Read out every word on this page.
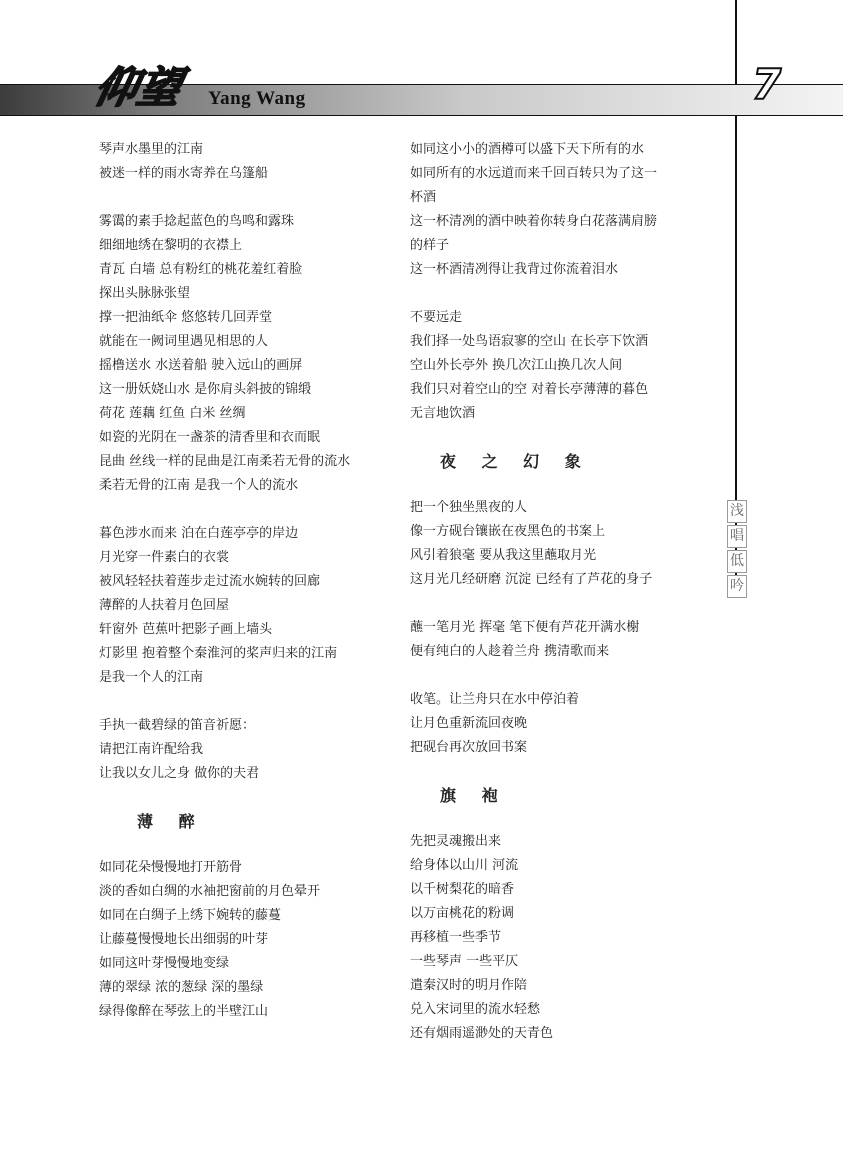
仰望 Yang Wang	7
浅
唱
低
吟
琴声水墨里的江南
被迷一样的雨水寄养在乌篷船
雾霭的素手捻起蓝色的鸟鸣和露珠
细细地绣在黎明的衣襟上
青瓦 白墙 总有粉红的桃花羞红着脸
探出头脉脉张望
撑一把油纸伞 悠悠转几回弄堂
就能在一阙词里遇见相思的人
摇橹送水 水送着船 驶入远山的画屏
这一册妖娆山水 是你肩头斜披的锦缎
荷花 莲藕 红鱼 白米 丝绸
如瓷的光阴在一盏茶的清香里和衣而眠
昆曲 丝线一样的昆曲是江南柔若无骨的流水
柔若无骨的江南 是我一个人的流水
暮色涉水而来 泊在白莲亭亭的岸边
月光穿一件素白的衣裳
被风轻轻扶着莲步走过流水婉转的回廊
薄醉的人扶着月色回屋
轩窗外 芭蕉叶把影子画上墙头
灯影里 抱着整个秦淮河的桨声归来的江南
是我一个人的江南
手执一截碧绿的笛音祈愿：
请把江南许配给我
让我以女儿之身 做你的夫君
薄 醉
如同花朵慢慢地打开筋骨
淡的香如白绸的水袖把窗前的月色晕开
如同在白绸子上绣下婉转的藤蔓
让藤蔓慢慢地长出细弱的叶芽
如同这叶芽慢慢地变绿
薄的翠绿 浓的葱绿 深的墨绿
绿得像醉在琴弦上的半壁江山
如同这小小的酒樽可以盛下天下所有的水
如同所有的水远道而来千回百转只为了这一
杯酒
这一杯清冽的酒中映着你转身白花落满肩膀
的样子
这一杯酒清冽得让我背过你流着泪水
不要远走
我们择一处鸟语寂寥的空山 在长亭下饮酒
空山外长亭外 换几次江山换几次人间
我们只对着空山的空 对着长亭薄薄的暮色
无言地饮酒
夜 之 幻 象
把一个独坐黑夜的人
像一方砚台镶嵌在夜黑色的书案上
风引着狼毫 要从我这里蘸取月光
这月光几经研磨 沉淀 已经有了芦花的身子
蘸一笔月光 挥毫 笔下便有芦花开满水榭
便有纯白的人趁着兰舟 携清歌而来
收笔。让兰舟只在水中停泊着
让月色重新流回夜晚
把砚台再次放回书案
旗 袍
先把灵魂搬出来
给身体以山川 河流
以千树梨花的暗香
以万亩桃花的粉调
再移植一些季节
一些琴声 一些平仄
遣秦汉时的明月作陪
兑入宋词里的流水轻愁
还有烟雨遥渺处的天青色
